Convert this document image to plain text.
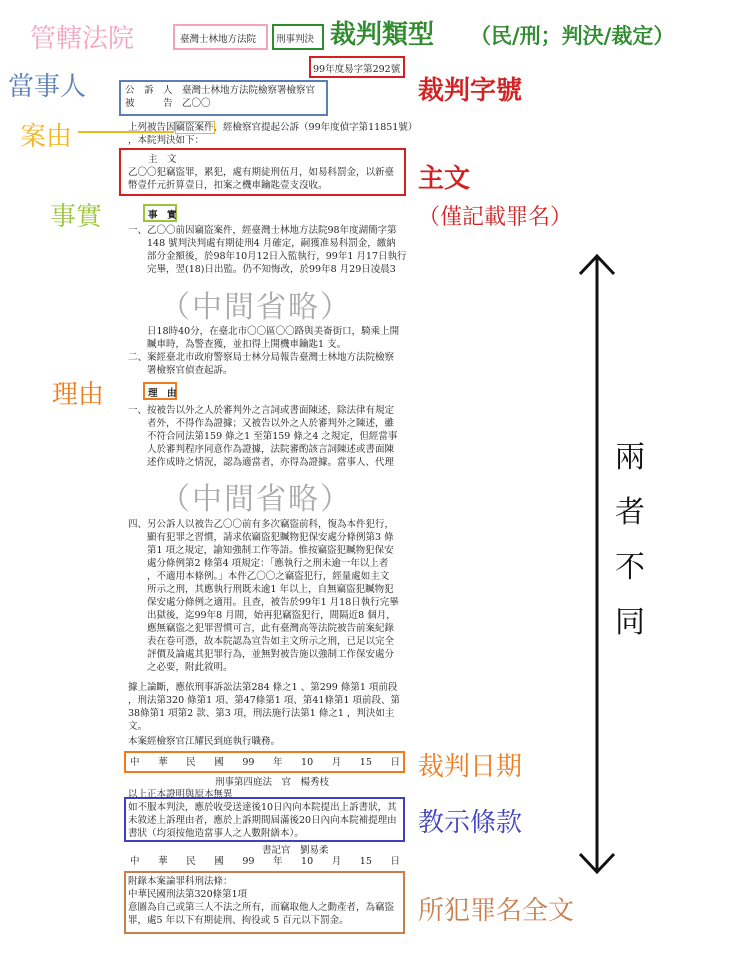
管轄法院	裁判類型 （民/刑；判決/裁定）
當事人	裁判字號
案由
主文
（僅記載罪名）
事實
理由
裁判日期
教示條款
所犯罪名全文
（中間省略）
（中間省略）
兩
者
不
同
臺灣士林地方法院 刑事判決
99年度易字第292號
公　訴　人　臺灣士林地方法院檢察署檢察官
被　　　告　乙〇〇
上列被告因竊盜案件，經檢察官提起公訴（99年度偵字第11851號）
，本院判決如下：
主　文
乙〇〇犯竊盜罪，累犯，處有期徒刑伍月，如易科罰金，以新臺
幣壹仟元折算壹日，扣案之機車鑰匙壹支沒收。
事　實
一、乙〇〇前因竊盜案件，經臺灣士林地方法院98年度湖簡字第
　　148 號判決判處有期徒刑4 月確定，嗣獲准易科罰金，繳納
　　部分金額後，於98年10月12日入監執行，99年1 月17日執行
　　完畢，翌(18)日出監。仍不知悔改，於99年8 月29日凌晨3
　　日18時40分，在臺北市〇〇區〇〇路與美崙街口，騎乘上開
　　贓車時，為警查獲，並扣得上開機車鑰匙1 支。
二、案經臺北市政府警察局士林分局報告臺灣士林地方法院檢察
　　署檢察官偵查起訴。
理　由
一、按被告以外之人於審判外之言詞或書面陳述，除法律有規定
　　者外，不得作為證據；又被告以外之人於審判外之陳述，雖
　　不符合同法第159 條之1 至第159 條之4 之規定，但經當事
　　人於審判程序同意作為證據，法院審酌該言詞陳述或書面陳
　　述作成時之情況，認為適當者，亦得為證據。當事人、代理
四、另公訴人以被告乙〇〇前有多次竊盜前科，復為本件犯行，
　　顯有犯罪之習慣，請求依竊盜犯贓物犯保安處分條例第3 條
　　第1 項之規定，諭知強制工作等語。惟按竊盜犯贓物犯保安
　　處分條例第2 條第4 項規定：「應執行之刑未逾一年以上者
　　，不適用本條例。」本件乙〇〇之竊盜犯行，經量處如主文
　　所示之刑，其應執行刑既未逾1 年以上，自無竊盜犯贓物犯
　　保安處分條例之適用。且查，被告於99年1 月18日執行完畢
　　出獄後，迄99年8 月間，始再犯竊盜犯行，間隔近8 個月，
　　應無竊盜之犯罪習慣可言，此有臺灣高等法院被告前案紀錄
　　表在卷可憑，故本院認為宣告如主文所示之刑，已足以完全
　　評價及論處其犯罪行為，並無對被告施以強制工作保安處分
　　之必要，附此敘明。
據上論斷，應依刑事訴訟法第284 條之1 、第299 條第1 項前段
，刑法第320 條第1 項、第47條第1 項、第41條第1 項前段、第
38條第1 項第2 款、第3 項，刑法施行法第1 條之1 ，判決如主
文。
本案經檢察官江耀民到庭執行職務。
中 華 民 國 99 年 10 月 15 日
刑事第四庭法　官　楊秀枝
以上正本證明與原本無異
如不服本判決，應於收受送達後10日內向本院提出上訴書狀，其
未敘述上訴理由者，應於上訴期間屆滿後20日內向本院補提理由
書狀（均須按他造當事人之人數附繕本）。
書記官　劉易柔
中 華 民 國 99 年 10 月 15 日
附錄本案論罪科刑法條：
中華民國刑法第320條第1項
意圖為自己或第三人不法之所有，而竊取他人之動產者，為竊盜
罪，處5 年以下有期徒刑、拘役或 5 百元以下罰金。
